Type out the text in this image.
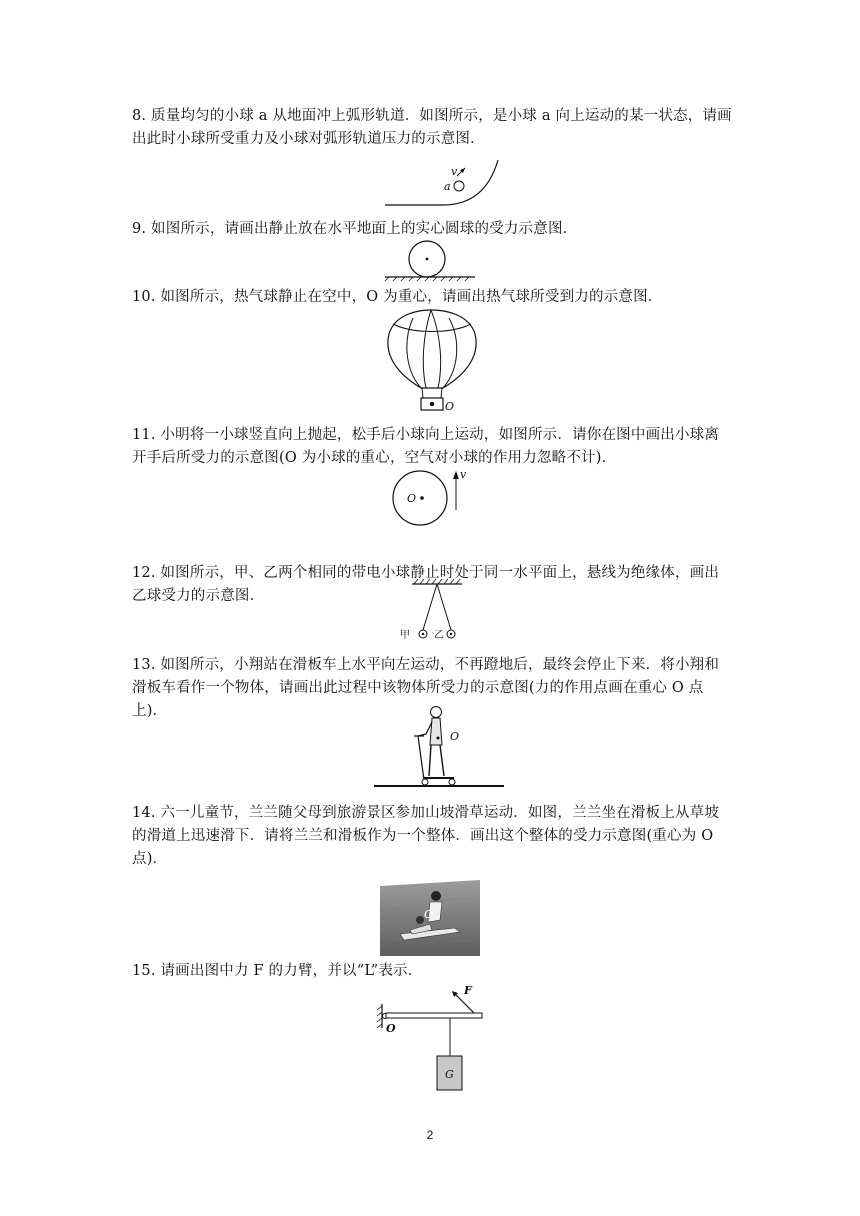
8. 质量均匀的小球 a 从地面冲上弧形轨道．如图所示，是小球 a 向上运动的某一状态，请画出此时小球所受重力及小球对弧形轨道压力的示意图．
v
a
9. 如图所示，请画出静止放在水平地面上的实心圆球的受力示意图．
10. 如图所示，热气球静止在空中，O 为重心，请画出热气球所受到力的示意图．
O
11. 小明将一小球竖直向上抛起，松手后小球向上运动，如图所示．请你在图中画出小球离开手后所受力的示意图(O 为小球的重心，空气对小球的作用力忽略不计)．
O
v
12. 如图所示，甲、乙两个相同的带电小球静止时处于同一水平面上，悬线为绝缘体，画出乙球受力的示意图．
甲 乙
13. 如图所示，小翔站在滑板车上水平向左运动，不再蹬地后，最终会停止下来．将小翔和滑板车看作一个物体，请画出此过程中该物体所受力的示意图(力的作用点画在重心 O 点上)．
O
14. 六一儿童节，兰兰随父母到旅游景区参加山坡滑草运动．如图，兰兰坐在滑板上从草坡的滑道上迅速滑下．请将兰兰和滑板作为一个整体．画出这个整体的受力示意图(重心为 O 点)．
O
15. 请画出图中力 F 的力臂，并以“L”表示．
F
O
G
2
